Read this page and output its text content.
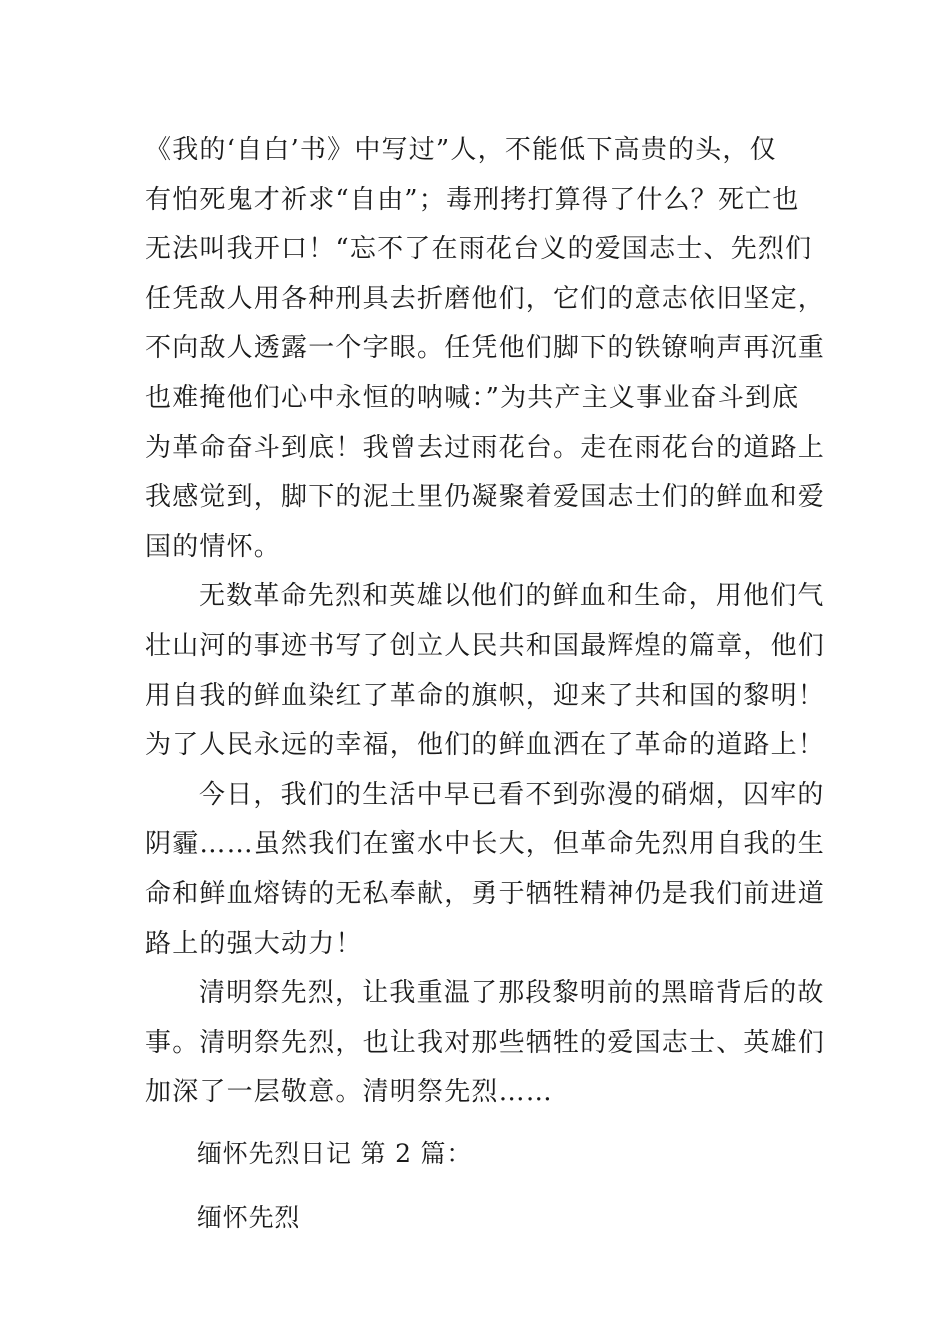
《我的‘自白’书》中写过”人，不能低下高贵的头，仅
有怕死鬼才祈求“自由”；毒刑拷打算得了什么？死亡也
无法叫我开口！“忘不了在雨花台义的爱国志士、先烈们
任凭敌人用各种刑具去折磨他们，它们的意志依旧坚定，
不向敌人透露一个字眼。任凭他们脚下的铁镣响声再沉重
也难掩他们心中永恒的呐喊：”为共产主义事业奋斗到底
为革命奋斗到底！我曾去过雨花台。走在雨花台的道路上
我感觉到，脚下的泥土里仍凝聚着爱国志士们的鲜血和爱
国的情怀。

无数革命先烈和英雄以他们的鲜血和生命，用他们气
壮山河的事迹书写了创立人民共和国最辉煌的篇章，他们
用自我的鲜血染红了革命的旗帜，迎来了共和国的黎明！
为了人民永远的幸福，他们的鲜血洒在了革命的道路上！

今日，我们的生活中早已看不到弥漫的硝烟，囚牢的
阴霾……虽然我们在蜜水中长大，但革命先烈用自我的生
命和鲜血熔铸的无私奉献，勇于牺牲精神仍是我们前进道
路上的强大动力！

清明祭先烈，让我重温了那段黎明前的黑暗背后的故
事。清明祭先烈，也让我对那些牺牲的爱国志士、英雄们
加深了一层敬意。清明祭先烈……

缅怀先烈日记 第 2 篇：

缅怀先烈
